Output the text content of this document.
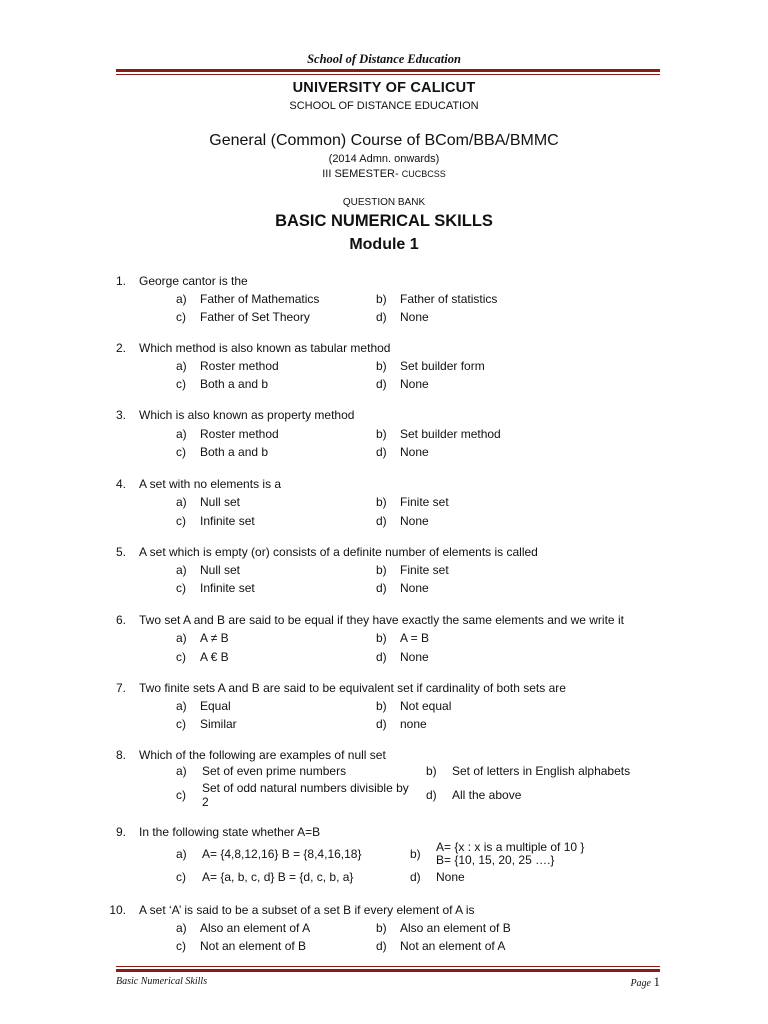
School of Distance Education
UNIVERSITY OF CALICUT
SCHOOL OF DISTANCE EDUCATION
General (Common) Course of BCom/BBA/BMMC
(2014 Admn. onwards)
III SEMESTER- CUCBCSS
QUESTION BANK
BASIC NUMERICAL SKILLS
Module 1
1. George cantor is the
a) Father of Mathematics	b) Father of statistics
c) Father of Set Theory	d) None
2. Which method is also known as tabular method
a) Roster method	b) Set builder form
c) Both a and b	d) None
3. Which is also known as property method
a) Roster method	b) Set builder method
c) Both a and b	d) None
4. A set with no elements is a
a) Null set	b) Finite set
c) Infinite set	d) None
5. A set which is empty (or) consists of a definite number of elements is called
a) Null set	b) Finite set
c) Infinite set	d) None
6. Two set A and B are said to be equal if they have exactly the same elements and we write it
a) A ≠ B	b) A = B
c) A € B	d) None
7. Two finite sets A and B are said to be equivalent set if cardinality of both sets are
a) Equal	b) Not equal
c) Similar	d) none
8. Which of the following are examples of null set
a) Set of even prime numbers	b) Set of letters in English alphabets
c) Set of odd natural numbers divisible by
2	d) All the above
9. In the following state whether A=B
a) A= {4,8,12,16} B = {8,4,16,18}	b) A= {x : x is a multiple of 10 }
B= {10, 15, 20, 25 ….}
c) A= {a, b, c, d} B = {d, c, b, a}	d) None
10. A set ‘A’ is said to be a subset of a set B if every element of A is
a) Also an element of A	b) Also an element of B
c) Not an element of B	d) Not an element of A
Basic Numerical Skills	Page 1
